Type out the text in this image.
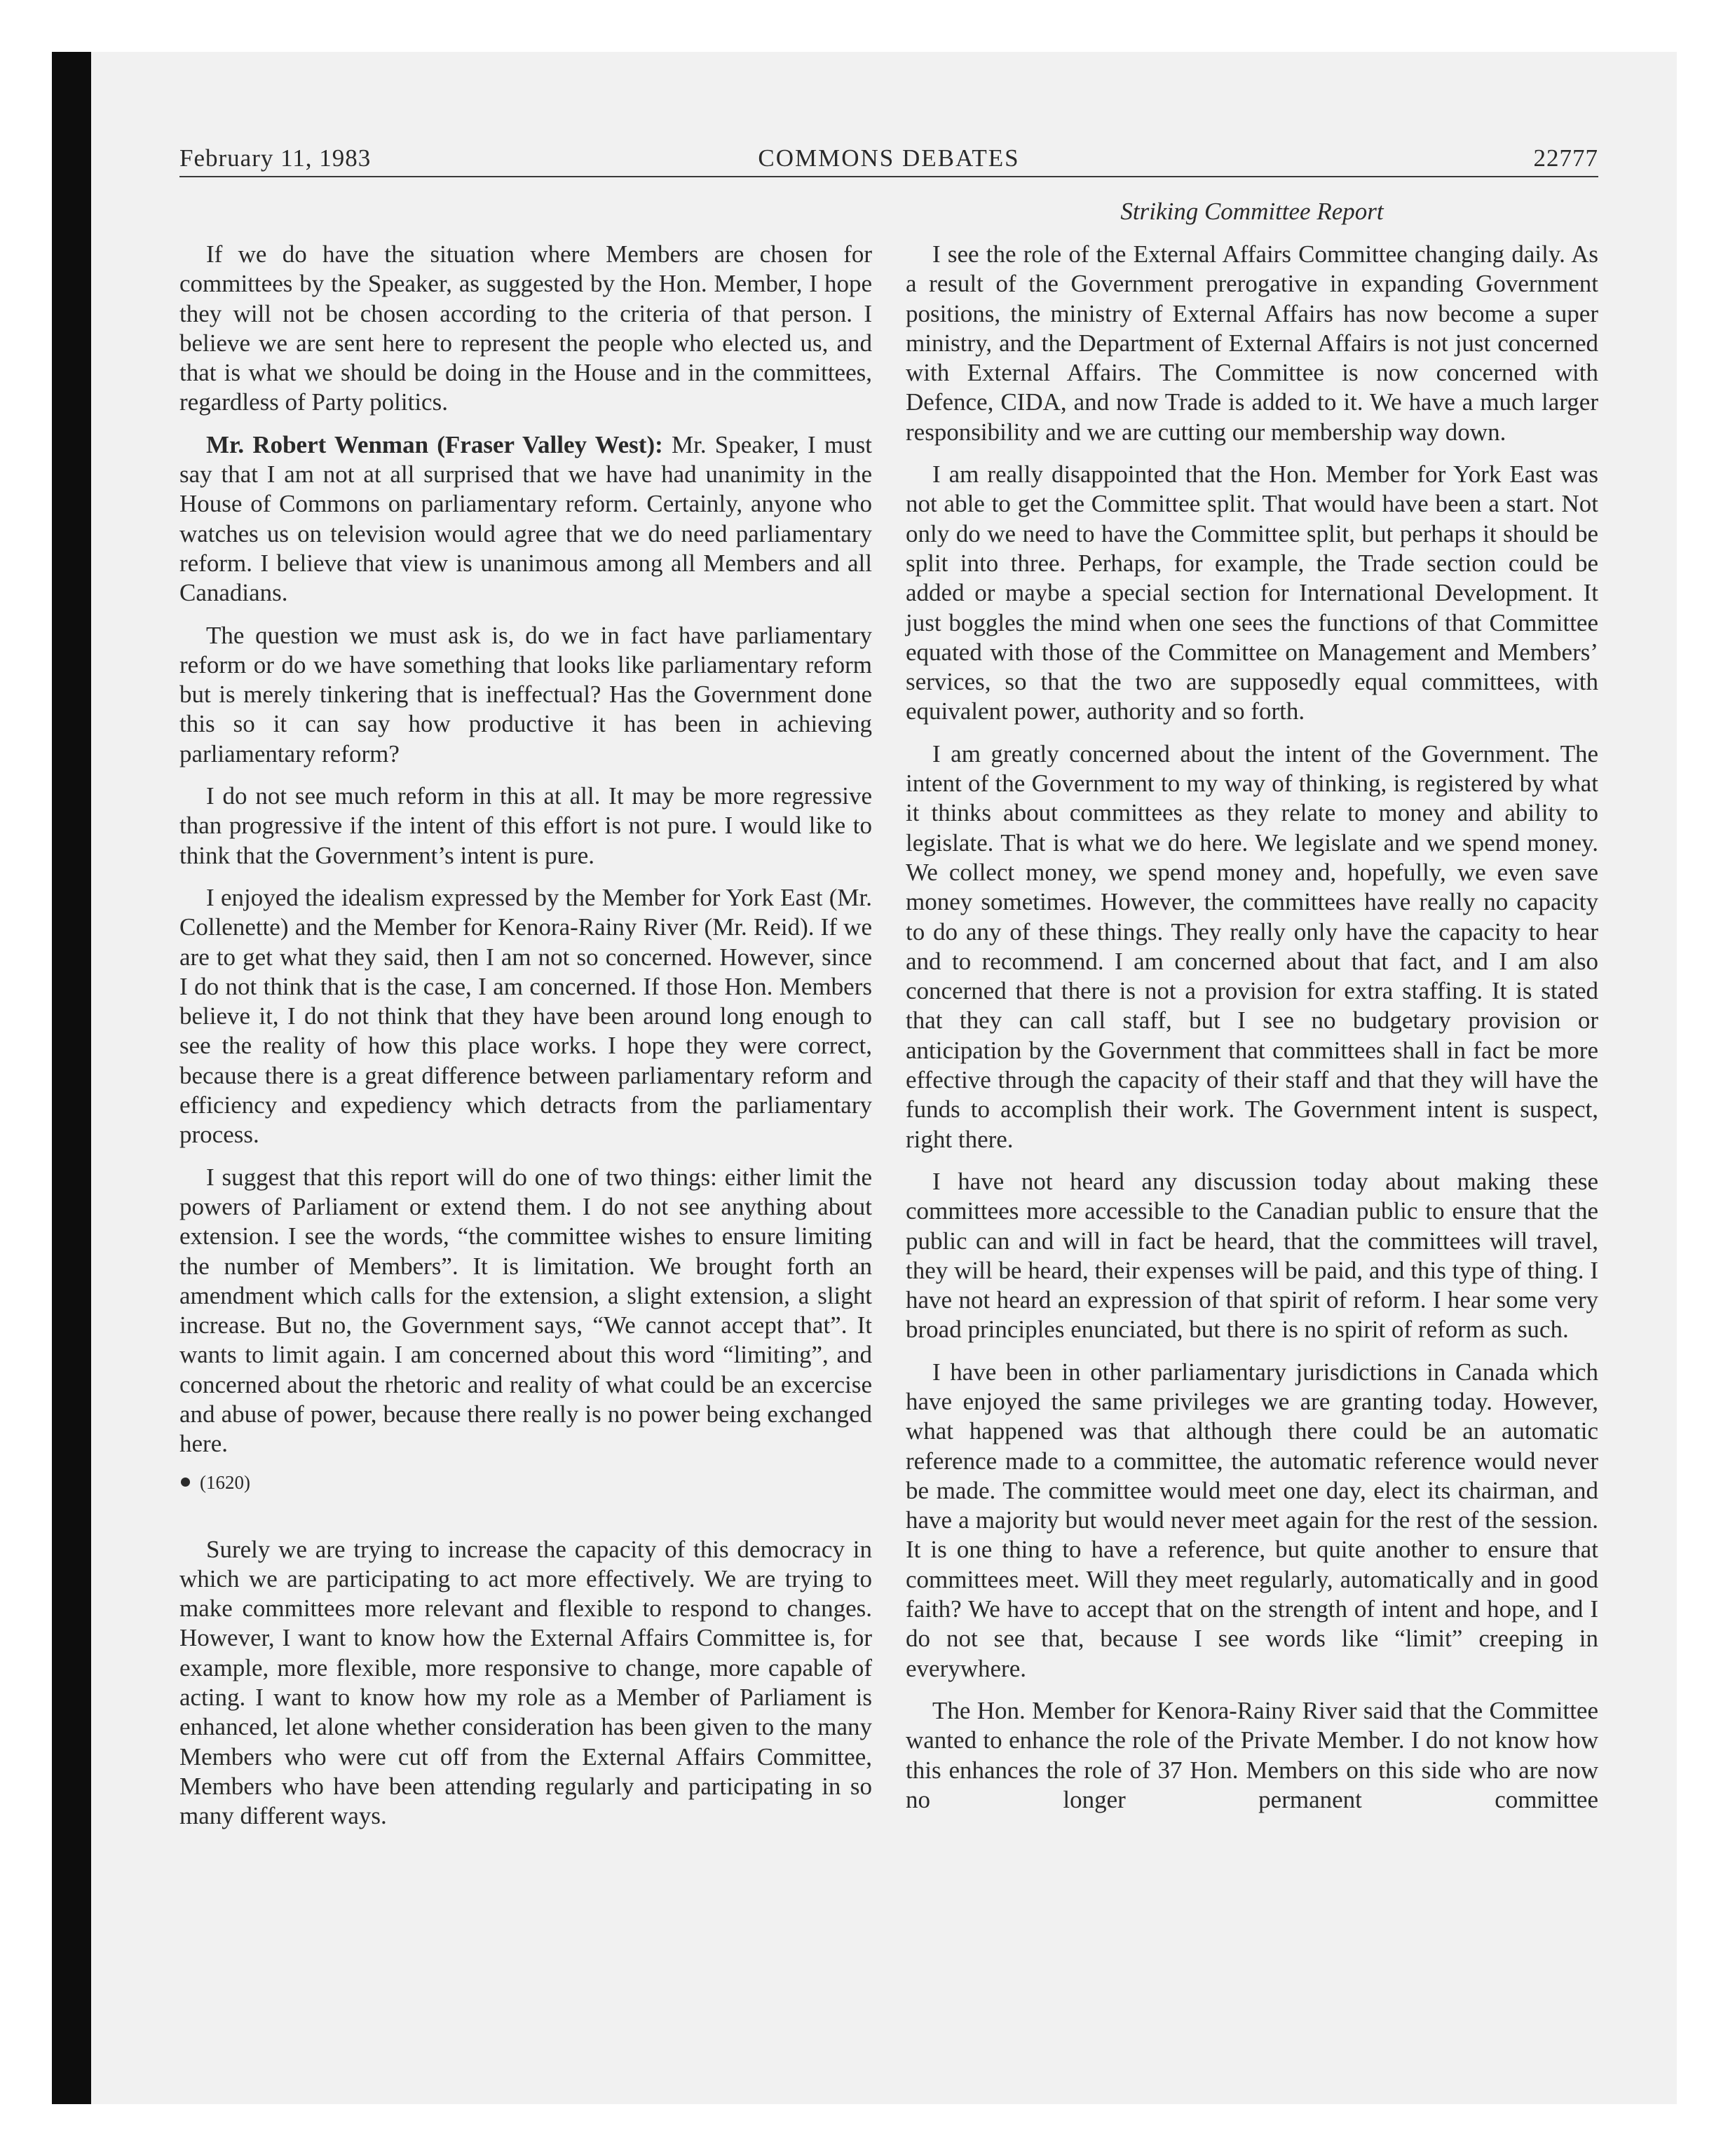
February 11, 1983	COMMONS DEBATES	22777
Striking Committee Report

If we do have the situation where Members are chosen for committees by the Speaker, as suggested by the Hon. Member, I hope they will not be chosen according to the criteria of that person. I believe we are sent here to represent the people who elected us, and that is what we should be doing in the House and in the committees, regardless of Party politics.

Mr. Robert Wenman (Fraser Valley West): Mr. Speaker, I must say that I am not at all surprised that we have had unanimity in the House of Commons on parliamentary reform. Certainly, anyone who watches us on television would agree that we do need parliamentary reform. I believe that view is unanimous among all Members and all Canadians.

The question we must ask is, do we in fact have parliamentary reform or do we have something that looks like parliamentary reform but is merely tinkering that is ineffectual? Has the Government done this so it can say how productive it has been in achieving parliamentary reform?

I do not see much reform in this at all. It may be more regressive than progressive if the intent of this effort is not pure. I would like to think that the Government’s intent is pure.

I enjoyed the idealism expressed by the Member for York East (Mr. Collenette) and the Member for Kenora-Rainy River (Mr. Reid). If we are to get what they said, then I am not so concerned. However, since I do not think that is the case, I am concerned. If those Hon. Members believe it, I do not think that they have been around long enough to see the reality of how this place works. I hope they were correct, because there is a great difference between parliamentary reform and efficiency and expediency which detracts from the parliamentary process.

I suggest that this report will do one of two things: either limit the powers of Parliament or extend them. I do not see anything about extension. I see the words, “the committee wishes to ensure limiting the number of Members”. It is limitation. We brought forth an amendment which calls for the extension, a slight extension, a slight increase. But no, the Government says, “We cannot accept that”. It wants to limit again. I am concerned about this word “limiting”, and concerned about the rhetoric and reality of what could be an excercise and abuse of power, because there really is no power being exchanged here.

(1620)

Surely we are trying to increase the capacity of this democracy in which we are participating to act more effectively. We are trying to make committees more relevant and flexible to respond to changes. However, I want to know how the External Affairs Committee is, for example, more flexible, more responsive to change, more capable of acting. I want to know how my role as a Member of Parliament is enhanced, let alone whether consideration has been given to the many Members who were cut off from the External Affairs Committee, Members who have been attending regularly and participating in so many different ways.

I see the role of the External Affairs Committee changing daily. As a result of the Government prerogative in expanding Government positions, the ministry of External Affairs has now become a super ministry, and the Department of External Affairs is not just concerned with External Affairs. The Committee is now concerned with Defence, CIDA, and now Trade is added to it. We have a much larger responsibility and we are cutting our membership way down.

I am really disappointed that the Hon. Member for York East was not able to get the Committee split. That would have been a start. Not only do we need to have the Committee split, but perhaps it should be split into three. Perhaps, for example, the Trade section could be added or maybe a special section for International Development. It just boggles the mind when one sees the functions of that Committee equated with those of the Committee on Management and Members’ services, so that the two are supposedly equal committees, with equivalent power, authority and so forth.

I am greatly concerned about the intent of the Government. The intent of the Government to my way of thinking, is registered by what it thinks about committees as they relate to money and ability to legislate. That is what we do here. We legislate and we spend money. We collect money, we spend money and, hopefully, we even save money sometimes. However, the committees have really no capacity to do any of these things. They really only have the capacity to hear and to recommend. I am concerned about that fact, and I am also concerned that there is not a provision for extra staffing. It is stated that they can call staff, but I see no budgetary provision or anticipation by the Government that committees shall in fact be more effective through the capacity of their staff and that they will have the funds to accomplish their work. The Government intent is suspect, right there.

I have not heard any discussion today about making these committees more accessible to the Canadian public to ensure that the public can and will in fact be heard, that the committees will travel, they will be heard, their expenses will be paid, and this type of thing. I have not heard an expression of that spirit of reform. I hear some very broad principles enunciated, but there is no spirit of reform as such.

I have been in other parliamentary jurisdictions in Canada which have enjoyed the same privileges we are granting today. However, what happened was that although there could be an automatic reference made to a committee, the automatic reference would never be made. The committee would meet one day, elect its chairman, and have a majority but would never meet again for the rest of the session. It is one thing to have a reference, but quite another to ensure that committees meet. Will they meet regularly, automatically and in good faith? We have to accept that on the strength of intent and hope, and I do not see that, because I see words like “limit” creeping in everywhere.

The Hon. Member for Kenora-Rainy River said that the Committee wanted to enhance the role of the Private Member. I do not know how this enhances the role of 37 Hon. Members on this side who are now no longer permanent committee
